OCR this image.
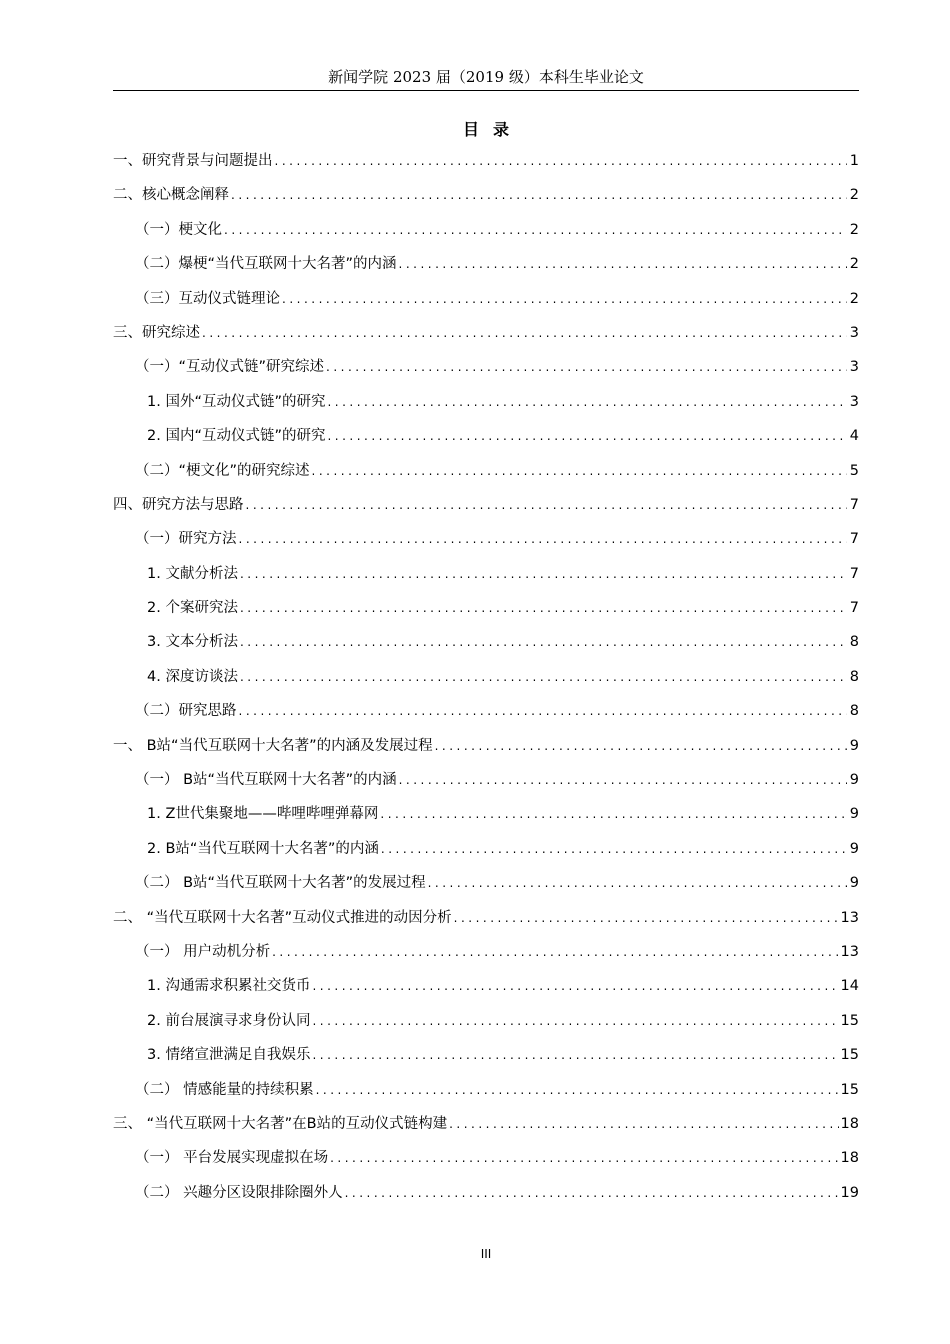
新闻学院 2023 届（2019 级）本科生毕业论文
目录
一、研究背景与问题提出 .....	1
二、核心概念阐释 .....	2
（一）梗文化 .....	2
（二）爆梗“当代互联网十大名著”的内涵 .....	2
（三）互动仪式链理论 .....	2
三、研究综述 .....	3
（一）“互动仪式链”研究综述 .....	3
1. 国外“互动仪式链”的研究 .....	3
2. 国内“互动仪式链”的研究 .....	4
（二）“梗文化”的研究综述 .....	5
四、研究方法与思路 .....	7
（一）研究方法 .....	7
1. 文献分析法 .....	7
2. 个案研究法 .....	7
3. 文本分析法 .....	8
4. 深度访谈法 .....	8
（二）研究思路 .....	8
一、 B站“当代互联网十大名著”的内涵及发展过程 .....	9
（一） B站“当代互联网十大名著”的内涵 .....	9
1. Z世代集聚地——哔哩哔哩弹幕网 .....	9
2. B站“当代互联网十大名著”的内涵 .....	9
（二） B站“当代互联网十大名著”的发展过程 .....	9
二、 “当代互联网十大名著”互动仪式推进的动因分析 .....	13
（一） 用户动机分析 .....	13
1. 沟通需求积累社交货币 .....	14
2. 前台展演寻求身份认同 .....	15
3. 情绪宣泄满足自我娱乐 .....	15
（二） 情感能量的持续积累 .....	15
三、 “当代互联网十大名著”在B站的互动仪式链构建 .....	18
（一） 平台发展实现虚拟在场 .....	18
（二） 兴趣分区设限排除圈外人 .....	19
III
